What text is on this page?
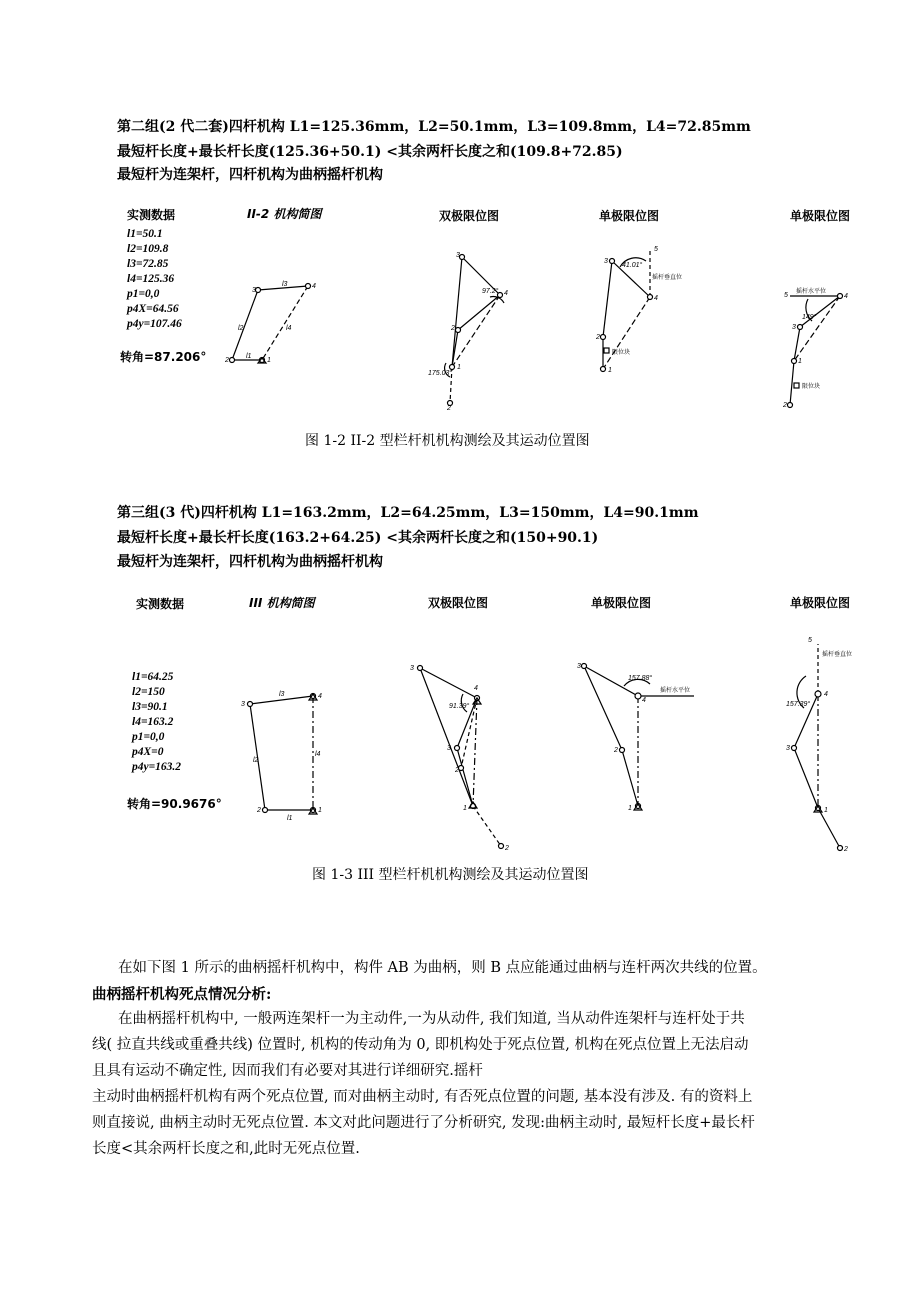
第二组(2 代二套)四杆机构 L1=125.36mm，L2=50.1mm，L3=109.8mm，L4=72.85mm
最短杆长度+最长杆长度(125.36+50.1) <其余两杆长度之和(109.8+72.85)
最短杆为连架杆，四杆机构为曲柄摇杆机构
实测数据	II-2 机构简图	双极限位图	单极限位图	单极限位图
l1=50.1
l2=109.8
l3=72.85
l4=125.36
p1=0,0
p4X=64.56
p4y=107.46
转角=87.206°
3
4
2	1
l3
l4
l2
l1
3
4
2
1
2
97.2°
175.03°
3
5
4
2
1
41.01°
摇杆垂直位
限位块
5	4
3
1
2
149°
摇杆水平位
限位块
图 1-2 II-2 型栏杆机机构测绘及其运动位置图
第三组(3 代)四杆机构 L1=163.2mm，L2=64.25mm，L3=150mm，L4=90.1mm
最短杆长度+最长杆长度(163.2+64.25) <其余两杆长度之和(150+90.1)
最短杆为连架杆，四杆机构为曲柄摇杆机构
实测数据	III 机构简图	双极限位图	单极限位图	单极限位图
l1=64.25
l2=150
l3=90.1
l4=163.2
p1=0,0
p4X=0
p4y=163.2
转角=90.9676°
3
4
2	1
l3
l4
l2
l1
3
4
3
2
1
2
91.39°
3
4
2
1
157.88°
摇杆水平位
5
4
3
1
2
157.39°
摇杆垂直位
图 1-3 III 型栏杆机机构测绘及其运动位置图
在如下图 1 所示的曲柄摇杆机构中，构件 AB 为曲柄，则 B 点应能通过曲柄与连杆两次共线的位置。
曲柄摇杆机构死点情况分析:
在曲柄摇杆机构中, 一般两连架杆一为主动件,一为从动件, 我们知道, 当从动件连架杆与连杆处于共
线( 拉直共线或重叠共线) 位置时, 机构的传动角为 0, 即机构处于死点位置, 机构在死点位置上无法启动
且具有运动不确定性, 因而我们有必要对其进行详细研究.摇杆
主动时曲柄摇杆机构有两个死点位置, 而对曲柄主动时, 有否死点位置的问题, 基本没有涉及. 有的资料上
则直接说, 曲柄主动时无死点位置. 本文对此问题进行了分析研究, 发现:曲柄主动时, 最短杆长度+最长杆
长度<其余两杆长度之和,此时无死点位置.
